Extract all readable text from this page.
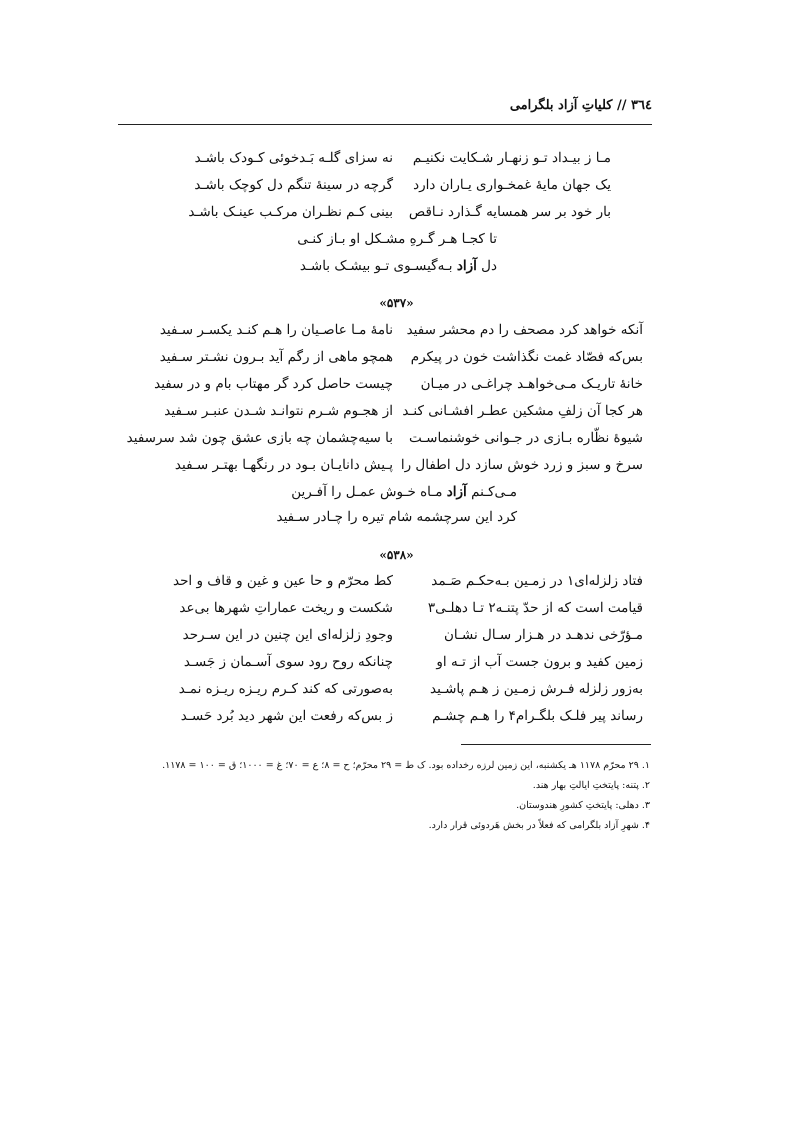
٣٦٤ // کلیاتِ آزاد بلگرامی
مـا ز بیـداد تـو زنهـار شـکایت نکنیـم
نه سزای گلـه بَـدخوئی کـودک باشـد
یک جهان مایهٔ غمخـواری یـاران دارد
گرچه در سینهٔ تنگم دل کوچک باشـد
بار خود بر سر همسایه گـذارد نـاقص
بینی کـم نظـران مرکـب عینـک باشـد
تا کجـا هـر گـرهِ مشـکل او بـاز کنـی
دل آزاد بـه‌گیسـوی تـو بیشـک باشـد
«۵۳۷»
آنکه خواهد کرد مصحف را دم محشر سفید
نامهٔ مـا عاصـیان را هـم کنـد یکسـر سـفید
بس‌که فصّاد غمت نگذاشت خون در پیکرم
همچو ماهی از رگم آید بـرون نشـتر سـفید
خانهٔ تاریـک مـی‌خواهـد چراغـی در میـان
چیست حاصل کرد گر مهتاب بام و در سفید
هر کجا آن زلفِ مشکین عطـر افشـانی کنـد
از هجـوم شـرم نتوانـد شـدن عنبـر سـفید
شیوهٔ نظّاره بـازی در جـوانی خوشنماسـت
با سیه‌چشمان چه بازی عشق چون شد سرسفید
سرخ و سبز و زرد خوش سازد دل اطفال را
پـیش دانایـان بـود در رنگهـا بهتـر سـفید
مـی‌کـنم آزاد مـاه خـوش عمـل را آفـرین
کرد این سرچشمه شام تیره را چـادر سـفید
«۵۳۸»
فتاد زلزله‌ای۱ در زمـین بـه‌حکـم صَـمد
کط محرّم و حا عین و غین و قاف و احد
قیامت است که از حدّ پتنـه۲ تـا دهلـی۳
شکست و ریخت عماراتِ شهرها بی‌عد
مـؤرّخی ندهـد در هـزار سـال نشـان
وجودِ زلزله‌ای این چنین در این سـرحد
زمین کفید و برون جست آب از تـه او
چنانکه روح رود سوی آسـمان ز جَسـد
به‌زور زلزله فـرش زمـین ز هـم پاشـید
به‌صورتی که کند کـرم ریـزه ریـزه نمـد
رساند پیر فلـک بلگـرام۴ را هـم چشـم
ز بس‌که رفعت این شهر دید بُرد حَسـد
۱. ۲۹ محرّم ۱۱۷۸ هـ یکشنبه، این زمین لرزه رخداده بود. ک ط = ۲۹ محرّم؛ ح = ۸؛ ع = ۷۰؛ غ = ۱۰۰۰؛ ق = ۱۰۰ = ۱۱۷۸.
۲. پتنه: پایتختِ ایالتِ بهار هند.
۳. دهلی: پایتختِ کشورِ هندوستان.
۴. شهرِ آزاد بلگرامی که فعلاً در بخش هَردوئی قرار دارد.
